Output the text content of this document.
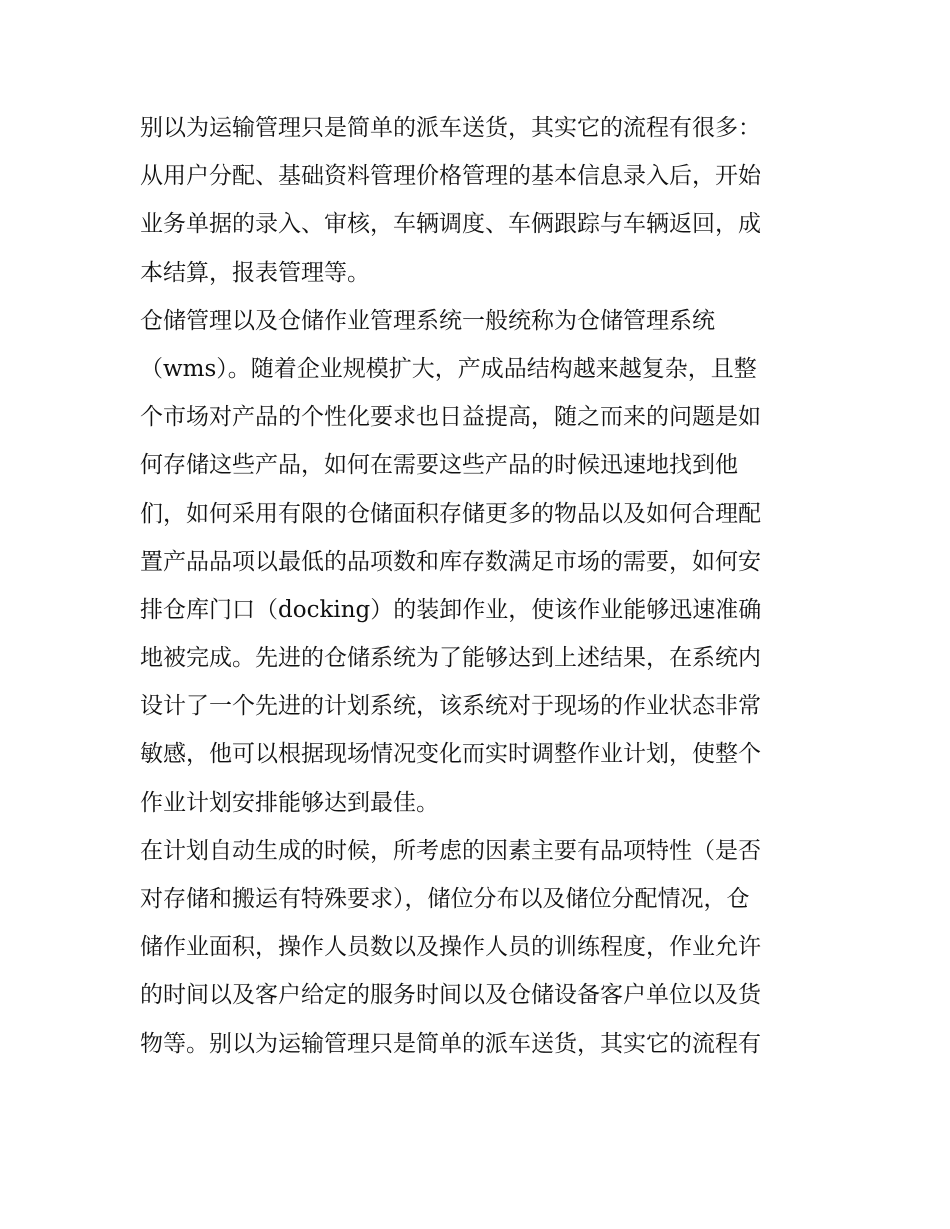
别以为运输管理只是简单的派车送货，其实它的流程有很多：
从用户分配、基础资料管理价格管理的基本信息录入后，开始
业务单据的录入、审核，车辆调度、车俩跟踪与车辆返回，成
本结算，报表管理等。
仓储管理以及仓储作业管理系统一般统称为仓储管理系统
（wms）。随着企业规模扩大，产成品结构越来越复杂，且整
个市场对产品的个性化要求也日益提高，随之而来的问题是如
何存储这些产品，如何在需要这些产品的时候迅速地找到他
们，如何采用有限的仓储面积存储更多的物品以及如何合理配
置产品品项以最低的品项数和库存数满足市场的需要，如何安
排仓库门口（docking）的装卸作业，使该作业能够迅速准确
地被完成。先进的仓储系统为了能够达到上述结果，在系统内
设计了一个先进的计划系统，该系统对于现场的作业状态非常
敏感，他可以根据现场情况变化而实时调整作业计划，使整个
作业计划安排能够达到最佳。
在计划自动生成的时候，所考虑的因素主要有品项特性（是否
对存储和搬运有特殊要求），储位分布以及储位分配情况，仓
储作业面积，操作人员数以及操作人员的训练程度，作业允许
的时间以及客户给定的服务时间以及仓储设备客户单位以及货
物等。别以为运输管理只是简单的派车送货，其实它的流程有
